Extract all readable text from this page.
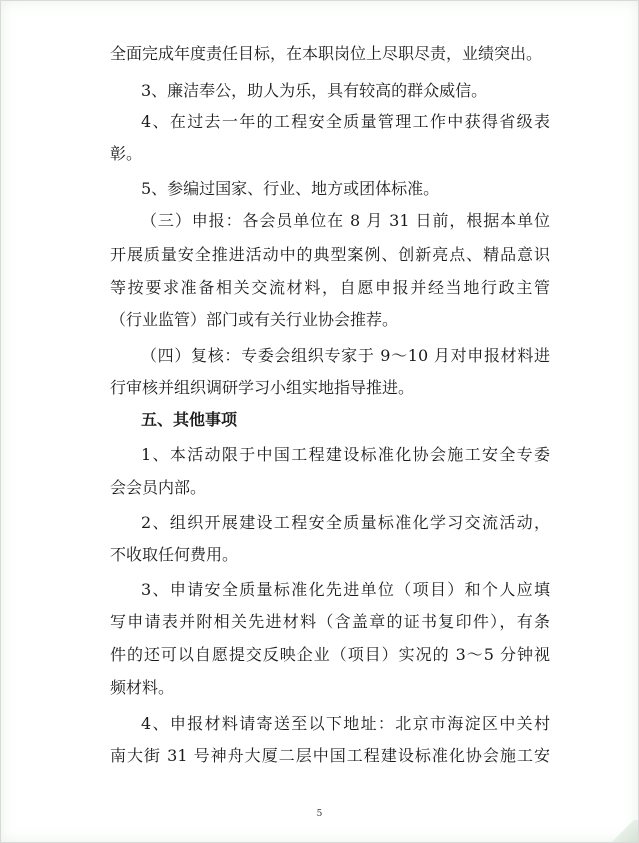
全面完成年度责任目标，在本职岗位上尽职尽责，业绩突出。

3、廉洁奉公，助人为乐，具有较高的群众威信。

4、在过去一年的工程安全质量管理工作中获得省级表

彰。

5、参编过国家、行业、地方或团体标准。

（三）申报：各会员单位在 8 月 31 日前，根据本单位

开展质量安全推进活动中的典型案例、创新亮点、精品意识

等按要求准备相关交流材料，自愿申报并经当地行政主管

（行业监管）部门或有关行业协会推荐。

（四）复核：专委会组织专家于 9～10 月对申报材料进

行审核并组织调研学习小组实地指导推进。

五、其他事项

1、本活动限于中国工程建设标准化协会施工安全专委

会会员内部。

2、组织开展建设工程安全质量标准化学习交流活动，

不收取任何费用。

3、申请安全质量标准化先进单位（项目）和个人应填

写申请表并附相关先进材料（含盖章的证书复印件），有条

件的还可以自愿提交反映企业（项目）实况的 3～5 分钟视

频材料。

4、申报材料请寄送至以下地址：北京市海淀区中关村

南大街 31 号神舟大厦二层中国工程建设标准化协会施工安

5
